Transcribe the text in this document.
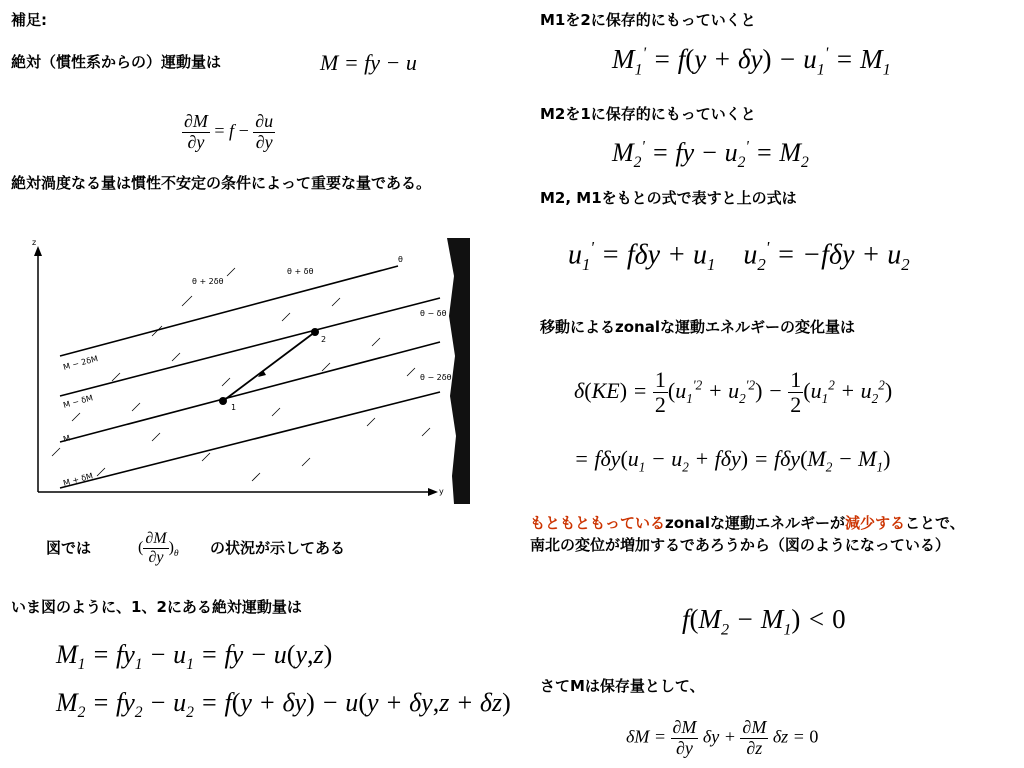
補足:
絶対（慣性系からの）運動量は	M = fy − u
$\frac{\partial M}{\partial y} = f - \frac{\partial u}{\partial y}$
絶対渦度なる量は慣性不安定の条件によって重要な量である。
z
y
1
2
θ + 2δθ
θ + δθ
θ
θ − δθ
θ − 2δθ
M − 2δM
M − δM
M
M + δM
図では	( $\frac{\partial M}{\partial y} )_\theta$ の状況が示してある
いま図のように、1、2にある絶対運動量は
$M_1 = fy_1 - u_1$ = fy − u(y,z)
$M_2 = fy_2 - u_2 = f(y + \delta y) - u(y + \delta y,z + \delta z)$
M1を2に保存的にもっていくと
$M_1' = f(y + \delta y) - u_1' = M_1$
M2を1に保存的にもっていくと
$M_2'$ = fy − $u_2' = M_2$
M2, M1をもとの式で表すと上の式は
$u_1' = f\delta y + u_1$    $u_2' = -f\delta y + u_2$
移動によるzonalな運動エネルギーの変化量は
$\delta(KE) = \frac{1}{2} (u_1^{'2} + u_2^{'2}) - \frac{1}{2} (u_1^2 + u_2^2)$
= $f\delta y(u_1 - u_2 + f\delta y) = f\delta y(M_2 - M_1)$
もともともっているzonalな運動エネルギーが減少することで、南北の変位が増加するであろうから（図のようになっている）
$f(M_2 - M_1) < 0$
さてMは保存量として、
$\delta M = \frac{\partial M}{\partial y}$ $\delta y + \frac{\partial M}{\partial z}$ δz = 0
